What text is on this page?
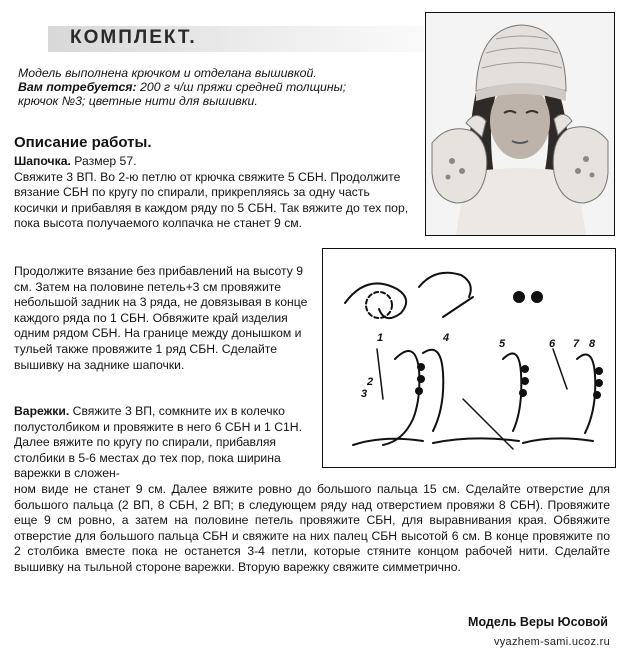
КОМПЛЕКТ.

Модель выполнена крючком и отделана вышивкой.

Вам потребуется: 200 г ч/ш пряжи средней толщины;

крючок №3; цветные нити для вышивки.

Описание работы.

Шапочка. Размер 57.

Свяжите 3 ВП. Во 2-ю петлю от крючка свяжите 5 СБН. Продолжите вязание СБН по кругу по спирали, прикрепляясь за одну часть косички и прибавляя в каждом ряду по 5 СБН. Так вяжите до тех пор, пока высота получаемого колпачка не станет 9 см.

Продолжите вязание без прибавлений на высоту 9 см. Затем на половине петель+3 см провяжите небольшой задник на 3 ряда, не довязывая в конце каждого ряда по 1 СБН. Обвяжите край изделия одним рядом СБН. На границе между донышком и тульей также провяжите 1 ряд СБН. Сделайте вышивку на заднике шапочки.

Варежки. Свяжите 3 ВП, сомкните их в колечко полустолбиком и провяжите в него 6 СБН и 1 С1Н. Далее вяжите по кругу по спирали, прибавляя столбики в 5-6 местах до тех пор, пока ширина варежки в сложен-

ном виде не станет 9 см. Далее вяжите ровно до большого пальца 15 см. Сделайте отверстие для большого пальца (2 ВП, 8 СБН, 2 ВП; в следующем ряду над отверстием провяжи 8 СБН). Провяжите еще 9 см ровно, а затем на половине петель провяжите СБН, для выравнивания края. Обвяжите отверстие для большого пальца СБН и свяжите на них палец СБН высотой 6 см. В конце провяжите по 2 столбика вместе пока не останется 3-4 петли, которые стяните концом рабочей нити. Сделайте вышивку на тыльной стороне варежки. Вторую варежку свяжите симметрично.

1
2
3
4	5	6 7 8
Модель Веры Юсовой
vyazhem-sami.ucoz.ru
